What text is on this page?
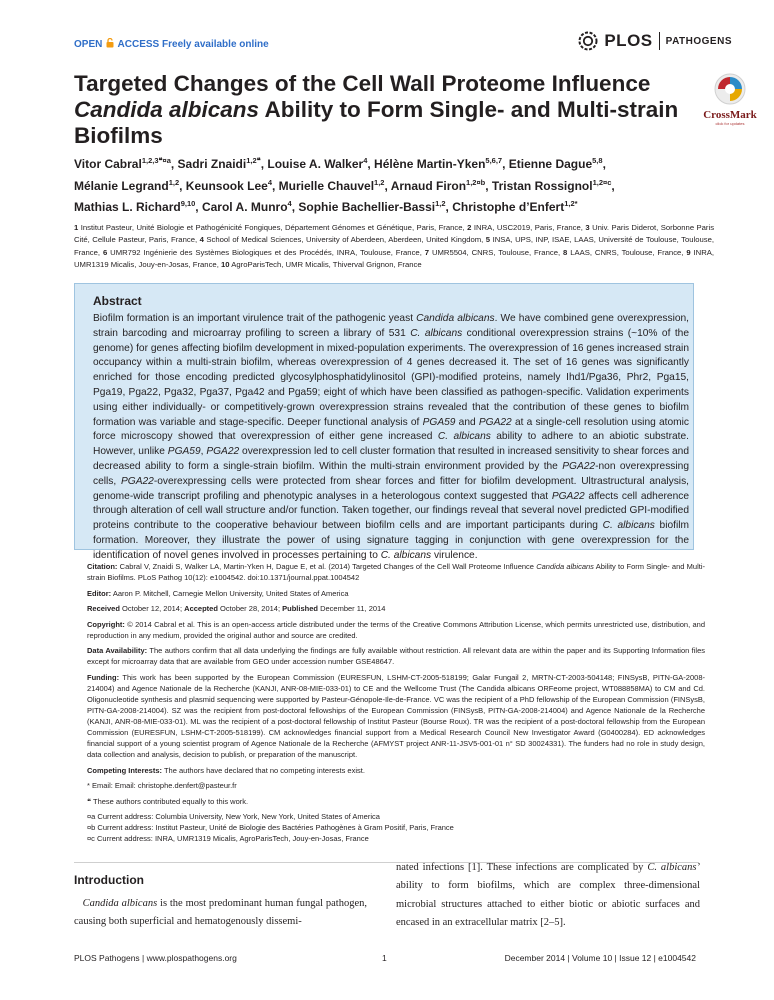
OPEN ACCESS Freely available online	PLOS PATHOGENS
CrossMark
click for updates
Targeted Changes of the Cell Wall Proteome Influence
Candida albicans Ability to Form Single- and Multi-strain
Biofilms
Vitor Cabral$^{1,2,3❝¤a}$, Sadri Znaidi$^{1,2❝}$, Louise A. Walker$^4$, Hélène Martin-Yken$^{5,6,7}$, Etienne Dague$^{5,8}$,
Mélanie Legrand$^{1,2}$, Keunsook Lee$^4$, Murielle Chauvel$^{1,2}$, Arnaud Firon$^{1,2¤b}$, Tristan Rossignol$^{1,2¤c}$,
Mathias L. Richard$^{9,10}$, Carol A. Munro$^4$, Sophie Bachellier-Bassi$^{1,2}$, Christophe d’Enfert$^{1,2*}$
1 Institut Pasteur, Unité Biologie et Pathogénicité Fongiques, Département Génomes et Génétique, Paris, France, 2 INRA, USC2019, Paris, France, 3 Univ. Paris Diderot, Sorbonne Paris Cité, Cellule Pasteur, Paris, France, 4 School of Medical Sciences, University of Aberdeen, Aberdeen, United Kingdom, 5 INSA, UPS, INP, ISAE, LAAS, Université de Toulouse, Toulouse, France, 6 UMR792 Ingénierie des Systèmes Biologiques et des Procédés, INRA, Toulouse, France, 7 UMR5504, CNRS, Toulouse, France, 8 LAAS, CNRS, Toulouse, France, 9 INRA, UMR1319 Micalis, Jouy-en-Josas, France, 10 AgroParisTech, UMR Micalis, Thiverval Grignon, France
Abstract
Biofilm formation is an important virulence trait of the pathogenic yeast Candida albicans. We have combined gene overexpression, strain barcoding and microarray profiling to screen a library of 531 C. albicans conditional overexpression strains (~10% of the genome) for genes affecting biofilm development in mixed-population experiments. The overexpression of 16 genes increased strain occupancy within a multi-strain biofilm, whereas overexpression of 4 genes decreased it. The set of 16 genes was significantly enriched for those encoding predicted glycosylphosphatidylinositol (GPI)-modified proteins, namely Ihd1/Pga36, Phr2, Pga15, Pga19, Pga22, Pga32, Pga37, Pga42 and Pga59; eight of which have been classified as pathogen-specific. Validation experiments using either individually- or competitively-grown overexpression strains revealed that the contribution of these genes to biofilm formation was variable and stage-specific. Deeper functional analysis of PGA59 and PGA22 at a single-cell resolution using atomic force microscopy showed that overexpression of either gene increased C. albicans ability to adhere to an abiotic substrate. However, unlike PGA59, PGA22 overexpression led to cell cluster formation that resulted in increased sensitivity to shear forces and decreased ability to form a single-strain biofilm. Within the multi-strain environment provided by the PGA22-non overexpressing cells, PGA22-overexpressing cells were protected from shear forces and fitter for biofilm development. Ultrastructural analysis, genome-wide transcript profiling and phenotypic analyses in a heterologous context suggested that PGA22 affects cell adherence through alteration of cell wall structure and/or function. Taken together, our findings reveal that several novel predicted GPI-modified proteins contribute to the cooperative behaviour between biofilm cells and are important participants during C. albicans biofilm formation. Moreover, they illustrate the power of using signature tagging in conjunction with gene overexpression for the identification of novel genes involved in processes pertaining to C. albicans virulence.

Citation: Cabral V, Znaidi S, Walker LA, Martin-Yken H, Dague E, et al. (2014) Targeted Changes of the Cell Wall Proteome Influence Candida albicans Ability to Form Single- and Multi-strain Biofilms. PLoS Pathog 10(12): e1004542. doi:10.1371/journal.ppat.1004542

Editor: Aaron P. Mitchell, Carnegie Mellon University, United States of America

Received October 12, 2014; Accepted October 28, 2014; Published December 11, 2014

Copyright: © 2014 Cabral et al. This is an open-access article distributed under the terms of the Creative Commons Attribution License, which permits unrestricted use, distribution, and reproduction in any medium, provided the original author and source are credited.

Data Availability: The authors confirm that all data underlying the findings are fully available without restriction. All relevant data are within the paper and its Supporting Information files except for microarray data that are available from GEO under accession number GSE48647.

Funding: This work has been supported by the European Commission (EURESFUN, LSHM-CT-2005-518199; Galar Fungail 2, MRTN-CT-2003-504148; FINSysB, PITN-GA-2008-214004) and Agence Nationale de la Recherche (KANJI, ANR-08-MIE-033-01) to CE and the Wellcome Trust (The Candida albicans ORFeome project, WT088858MA) to CM and Cd. Oligonucleotide synthesis and plasmid sequencing were supported by Pasteur-Génopole-Ile-de-France. VC was the recipient of a PhD fellowship of the European Commission (FINSysB, PITN-GA-2008-214004). SZ was the recipient from post-doctoral fellowships of the European Commission (FINSysB, PITN-GA-2008-214004) and Agence Nationale de la Recherche (KANJI, ANR-08-MIE-033-01). ML was the recipient of a post-doctoral fellowship of Institut Pasteur (Bourse Roux). TR was the recipient of a post-doctoral fellowship from the European Commission (EURESFUN, LSHM-CT-2005-518199). CM acknowledges financial support from a Medical Research Council New Investigator Award (G0400284). ED acknowledges financial support of a young scientist program of Agence Nationale de la Recherche (AFMYST project ANR-11-JSV5-001-01 n° SD 30024331). The funders had no role in study design, data collection and analysis, decision to publish, or preparation of the manuscript.

Competing Interests: The authors have declared that no competing interests exist.

* Email: Email: christophe.denfert@pasteur.fr

❝ These authors contributed equally to this work.

¤a Current address: Columbia University, New York, New York, United States of America

¤b Current address: Institut Pasteur, Unité de Biologie des Bactéries Pathogènes à Gram Positif, Paris, France

¤c Current address: INRA, UMR1319 Micalis, AgroParisTech, Jouy-en-Josas, France

Introduction
Candida albicans is the most predominant human fungal pathogen, causing both superficial and hematogenously dissemi-
nated infections [1]. These infections are complicated by C. albicans’ ability to form biofilms, which are complex three-dimensional microbial structures attached to either biotic or abiotic surfaces and encased in an extracellular matrix [2–5].
PLOS Pathogens | www.plospathogens.org	1	December 2014 | Volume 10 | Issue 12 | e1004542
